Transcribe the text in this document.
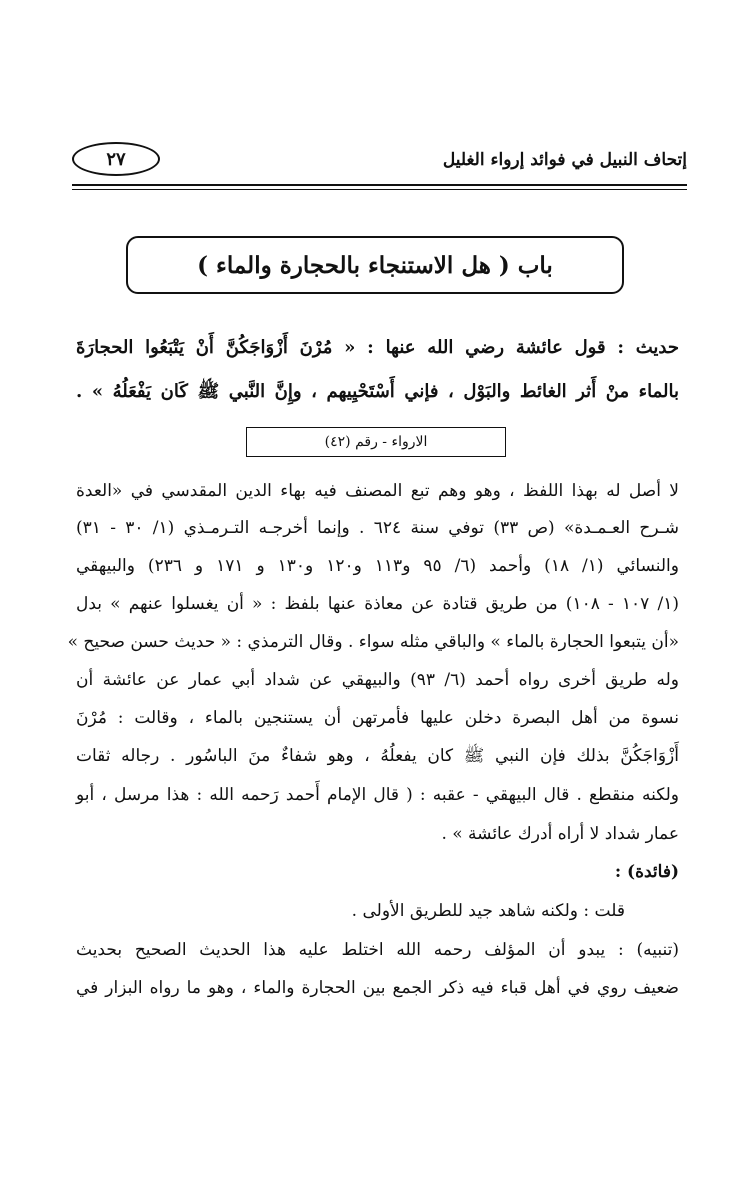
إتحاف النبيل في فوائد إرواء الغليل
٢٧
باب ( هل الاستنجاء بالحجارة والماء )
حديث : قول عائشة رضي الله عنها : « مُرْنَ أَزْوَاجَكُنَّ أَنْ يَتْبَعُوا الحجارَةَ
بالماء منْ أَثر الغائط والبَوْل ، فإني أَسْتَحْيِيهم ، وإِنَّ النَّبي ﷺ كَان يَفْعَلُهُ » .
الارواء - رقم (٤٢)
لا أصل له بهذا اللفظ ، وهو وهم تبع المصنف فيه بهاء الدين المقدسي في «العدة
شـرح العـمـدة» (ص ٣٣) توفي سنة ٦٢٤ . وإنما أخرجـه التـرمـذي (١/ ٣٠ - ٣١)
والنسائي (١/ ١٨) وأحمد (٦/ ٩٥ و١١٣ و١٢٠ و١٣٠ و ١٧١ و ٢٣٦) والبيهقي
(١/ ١٠٧ - ١٠٨) من طريق قتادة عن معاذة عنها بلفظ : « أن يغسلوا عنهم » بدل
«أن يتبعوا الحجارة بالماء » والباقي مثله سواء . وقال الترمذي : « حديث حسن صحيح »
وله طريق أخرى رواه أحمد (٦/ ٩٣) والبيهقي عن شداد أبي عمار عن عائشة أن
نسوة من أهل البصرة دخلن عليها فأمرتهن أن يستنجين بالماء ، وقالت : مُرْنَ
أَزْوَاجَكُنَّ بذلك فإن النبي ﷺ كان يفعلُهُ ، وهو شفاءٌ منَ الباسُور . رجاله ثقات
ولكنه منقطع . قال البيهقي - عقبه : ( قال الإمام أَحمد رَحمه الله : هذا مرسل ، أبو
عمار شداد لا أراه أدرك عائشة » .
(فائدة) :
قلت : ولكنه شاهد جيد للطريق الأولى .
(تنبيه) : يبدو أن المؤلف رحمه الله اختلط عليه هذا الحديث الصحيح بحديث
ضعيف روي في أهل قباء فيه ذكر الجمع بين الحجارة والماء ، وهو ما رواه البزار في
